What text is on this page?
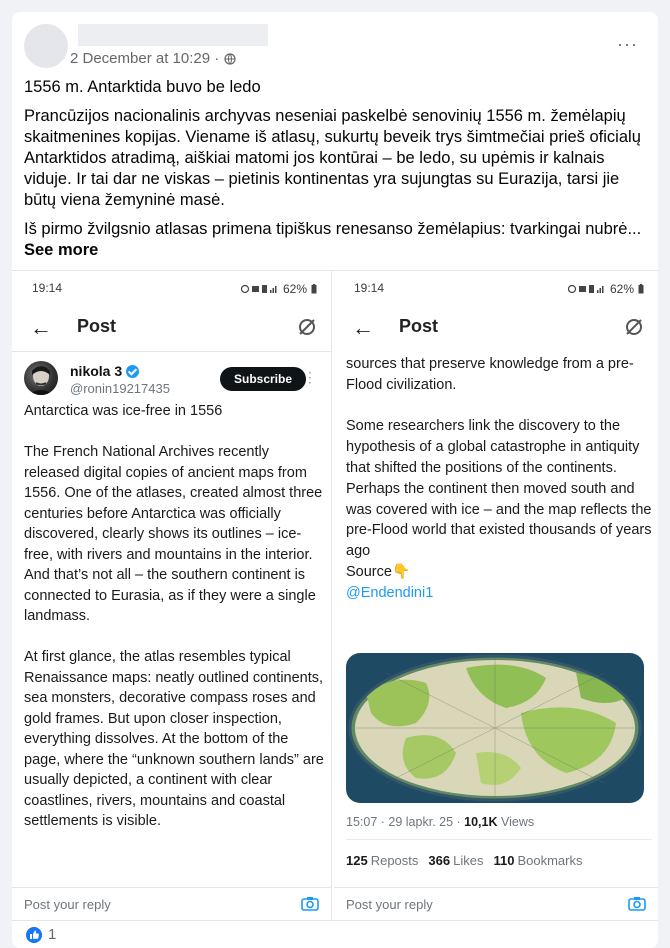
2 December at 10:29 ·
···

1556 m. Antarktida buvo be ledo

Prancūzijos nacionalinis archyvas neseniai paskelbė senovinių 1556 m. žemėlapių skaitmenines kopijas. Viename iš atlasų, sukurtų beveik trys šimtmečiai prieš oficialų Antarktidos atradimą, aiškiai matomi jos kontūrai – be ledo, su upėmis ir kalnais viduje. Ir tai dar ne viskas – pietinis kontinentas yra sujungtas su Eurazija, tarsi jie būtų viena žemyninė masė.

Iš pirmo žvilgsnio atlasas primena tipiškus renesanso žemėlapius: tvarkingai nubrė... See more

19:14	62%
← Post
nikola 3
@ronin19217435
Subscribe ⋮

Antarctica was ice-free in 1556

The French National Archives recently released digital copies of ancient maps from 1556. One of the atlases, created almost three centuries before Antarctica was officially discovered, clearly shows its outlines – ice-free, with rivers and mountains in the interior. And that’s not all – the southern continent is connected to Eurasia, as if they were a single landmass.

At first glance, the atlas resembles typical Renaissance maps: neatly outlined continents, sea monsters, decorative compass roses and gold frames. But upon closer inspection, everything dissolves. At the bottom of the page, where the “unknown southern lands” are usually depicted, a continent with clear coastlines, rivers, mountains and coastal settlements is visible.

Post your reply
19:14	62%
← Post

sources that preserve knowledge from a pre-Flood civilization.

Some researchers link the discovery to the hypothesis of a global catastrophe in antiquity that shifted the positions of the continents. Perhaps the continent then moved south and was covered with ice – and the map reflects the pre-Flood world that existed thousands of years ago

Source👇
@Endendini1
15:07 · 29 lapkr. 25 · 10,1K Views
125 Reposts 366 Likes 110 Bookmarks
Post your reply
1
